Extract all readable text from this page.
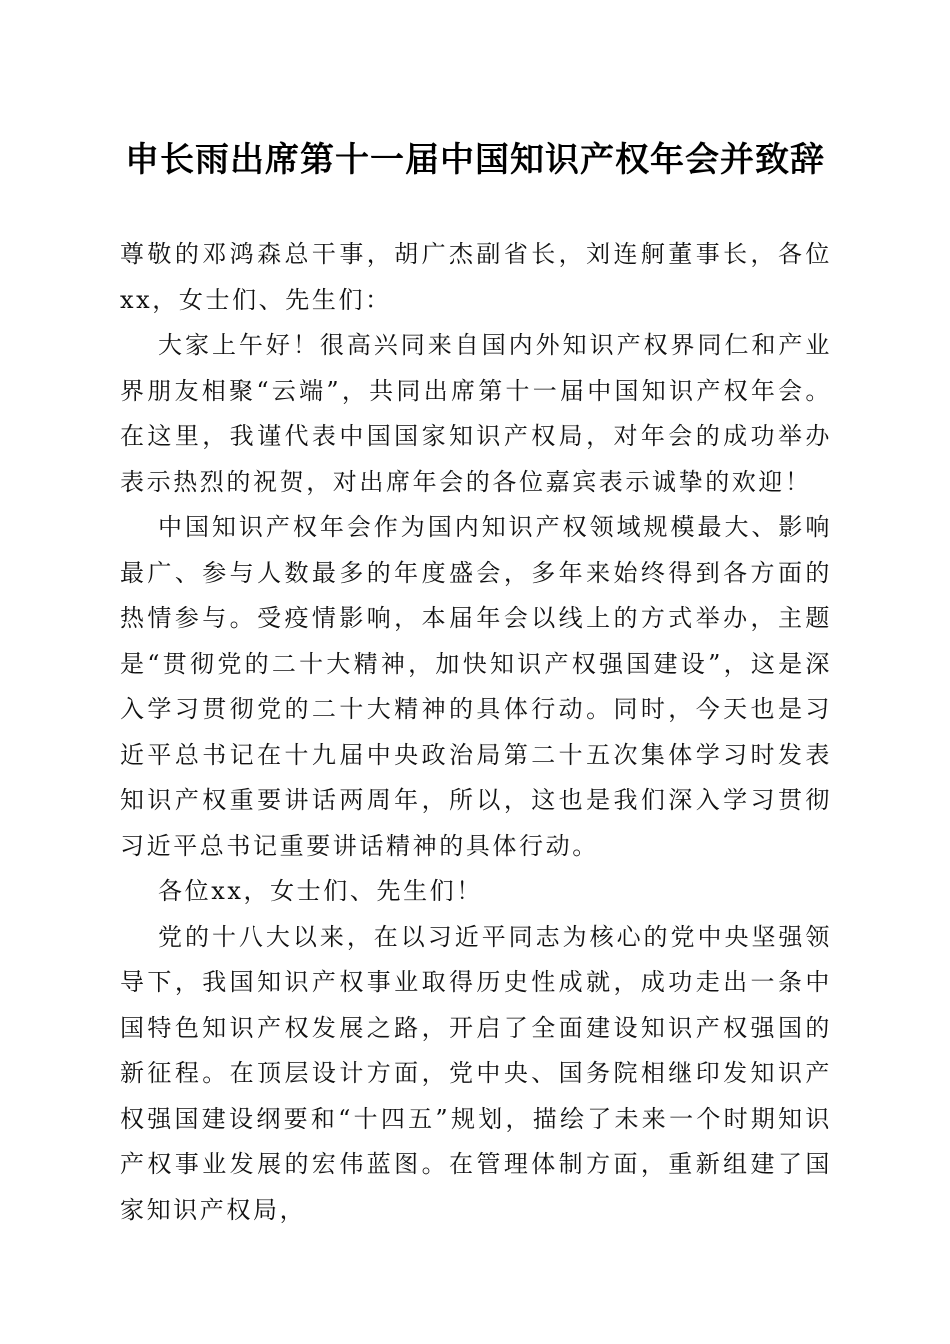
申长雨出席第十一届中国知识产权年会并致辞

尊敬的邓鸿森总干事，胡广杰副省长，刘连舸董事长，各位xx，女士们、先生们：

大家上午好！很高兴同来自国内外知识产权界同仁和产业界朋友相聚“云端”，共同出席第十一届中国知识产权年会。在这里，我谨代表中国国家知识产权局，对年会的成功举办表示热烈的祝贺，对出席年会的各位嘉宾表示诚挚的欢迎！

中国知识产权年会作为国内知识产权领域规模最大、影响最广、参与人数最多的年度盛会，多年来始终得到各方面的热情参与。受疫情影响，本届年会以线上的方式举办，主题是“贯彻党的二十大精神，加快知识产权强国建设”，这是深入学习贯彻党的二十大精神的具体行动。同时，今天也是习近平总书记在十九届中央政治局第二十五次集体学习时发表知识产权重要讲话两周年，所以，这也是我们深入学习贯彻习近平总书记重要讲话精神的具体行动。

各位xx，女士们、先生们！

党的十八大以来，在以习近平同志为核心的党中央坚强领导下，我国知识产权事业取得历史性成就，成功走出一条中国特色知识产权发展之路，开启了全面建设知识产权强国的新征程。在顶层设计方面，党中央、国务院相继印发知识产权强国建设纲要和“十四五”规划，描绘了未来一个时期知识产权事业发展的宏伟蓝图。在管理体制方面，重新组建了国家知识产权局，
